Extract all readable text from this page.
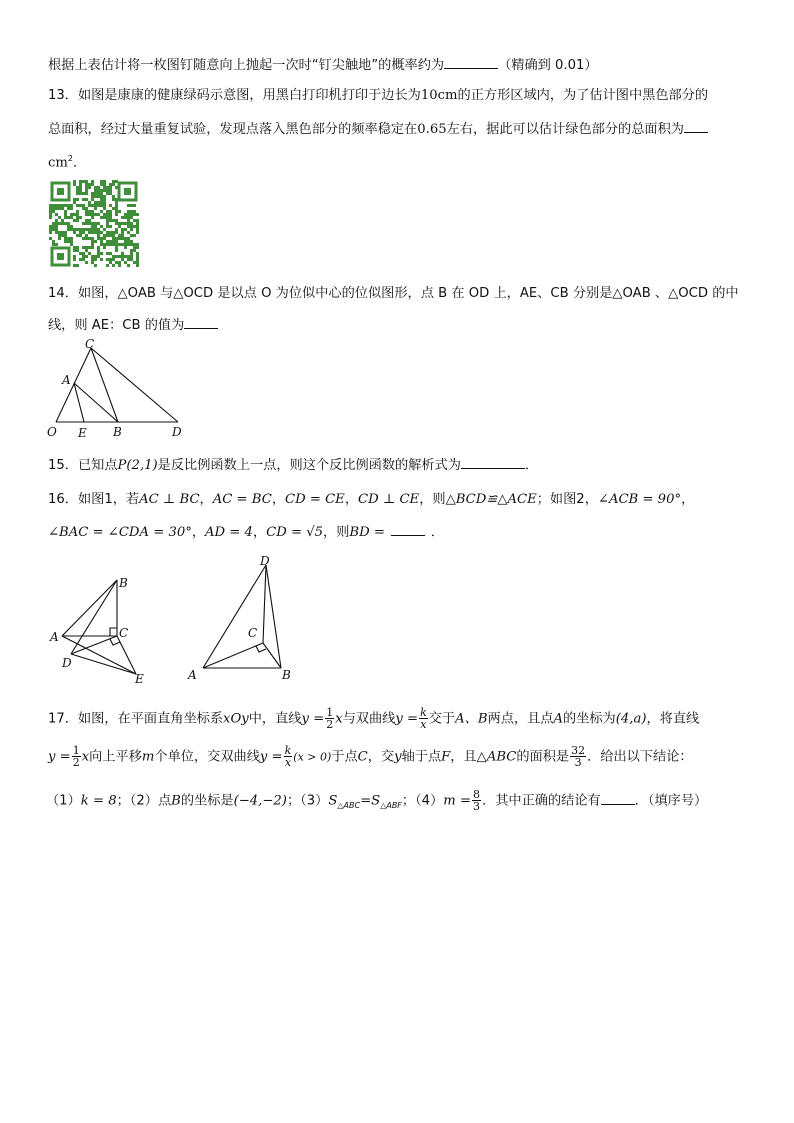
根据上表估计将一枚图钉随意向上抛起一次时“钉尖触地”的概率约为	（精确到 0.01）
13．如图是康康的健康绿码示意图，用黑白打印机打印于边长为10cm的正方形区域内，为了估计图中黑色部分的
总面积，经过大量重复试验，发现点落入黑色部分的频率稳定在0.65左右，据此可以估计绿色部分的总面积为
$cm^2$．
14．如图，△OAB 与△OCD 是以点 O 为位似中心的位似图形，点 B 在 OD 上，AE、CB 分别是△OAB 、△OCD 的中
线，则 AE：CB 的值为
C
A
O E B	D
15．已知点P(2,1)是反比例函数上一点，则这个反比例函数的解析式为	．
16．如图1，若AC ⊥ BC，AC = BC，CD = CE，CD ⊥ CE，则△BCD≌△ACE；如图2，∠ACB = 90°，
∠BAC = ∠CDA = 30°，AD = 4，CD = √5，则BD =	．
B
A	C
D
E
D
C
A	B
17．如图，在平面直角坐标系xOy中，直线$y = \frac{1}{2}$ x与双曲线$y = \frac{k}{x}$ 交于A、B两点，且点A的坐标为(4,a)，将直线
$y = \frac{1}{2}$ x向上平移m个单位，交双曲线$y = \frac{k}{x} (x > 0)$于点C，交y轴于点F，且△ABC的面积是 $\frac{32}{3}$ ．给出以下结论：
（1）k = 8；（2）点B的坐标是(−4,−2)；$(3)S_{\triangle ABC}=S_{\triangle ABF}$；$(4)m = \frac{8}{3}$ ．其中正确的结论有	．（填序号）
